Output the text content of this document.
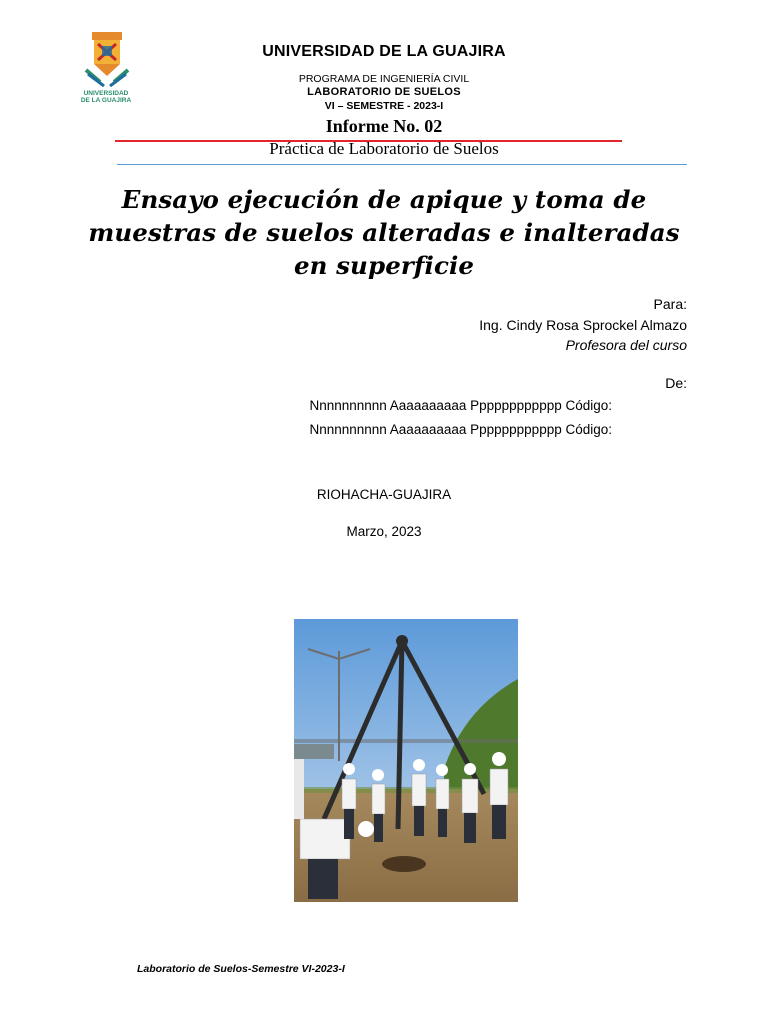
UNIVERSIDAD
DE LA GUAJIRA
UNIVERSIDAD DE LA GUAJIRA
PROGRAMA DE INGENIERÍA CIVIL
LABORATORIO DE SUELOS
VI – SEMESTRE - 2023-I
Informe No. 02
Práctica de Laboratorio de Suelos
Ensayo ejecución de apique y toma de
muestras de suelos alteradas e inalteradas
en superficie
Para:
Ing. Cindy Rosa Sprockel Almazo
Profesora del curso
De:
Nnnnnnnnnn Aaaaaaaaaa Pppppppppppp Código:
Nnnnnnnnnn Aaaaaaaaaa Pppppppppppp Código:
RIOHACHA-GUAJIRA
Marzo, 2023
Laboratorio de Suelos-Semestre VI-2023-I
